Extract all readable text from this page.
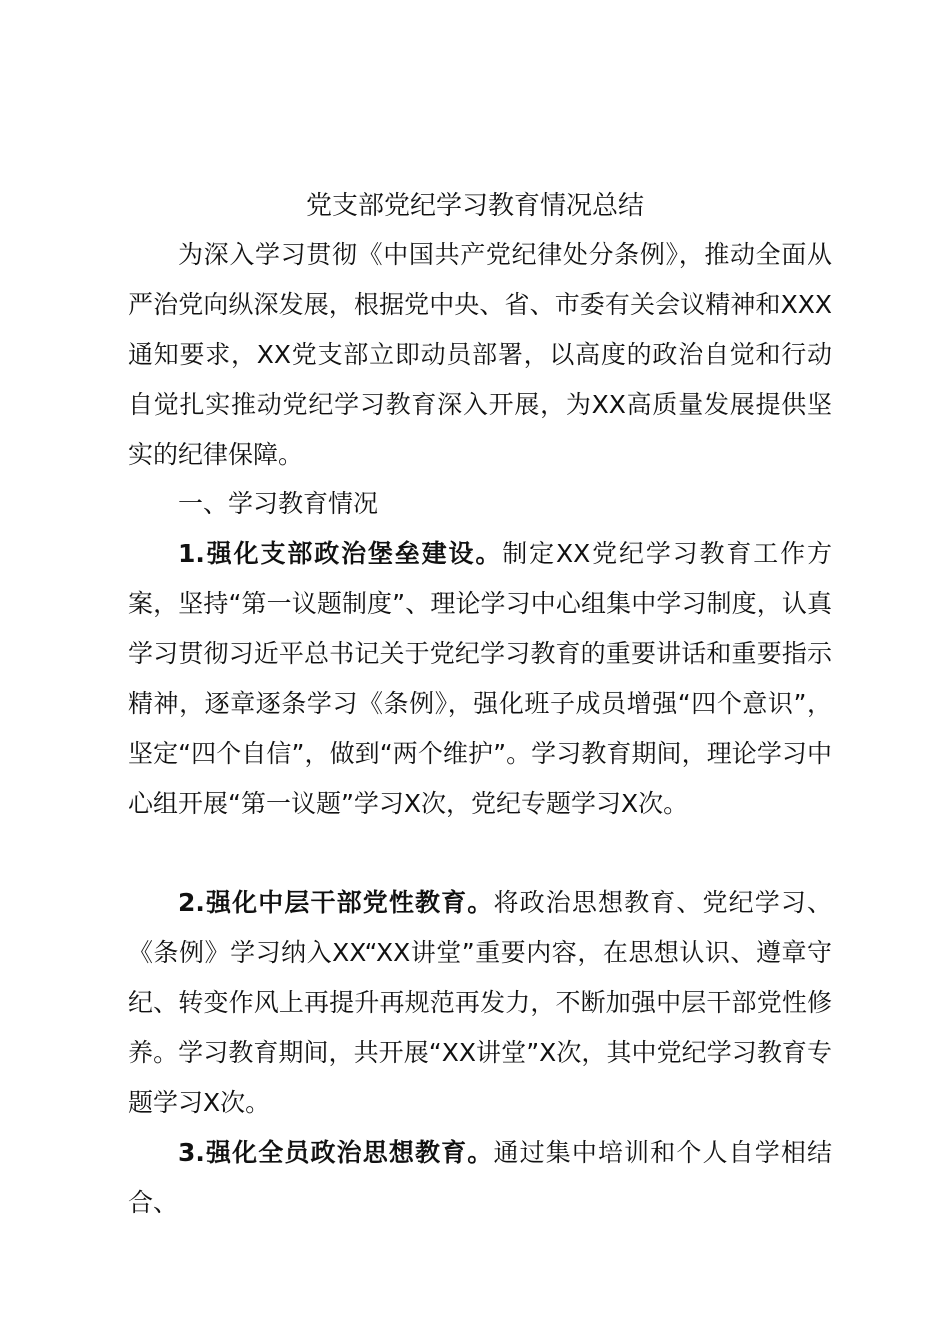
党支部党纪学习教育情况总结

为深入学习贯彻《中国共产党纪律处分条例》，推动全面从严治党向纵深发展，根据党中央、省、市委有关会议精神和XXX通知要求，XX党支部立即动员部署，以高度的政治自觉和行动自觉扎实推动党纪学习教育深入开展，为XX高质量发展提供坚实的纪律保障。

一、学习教育情况

1.强化支部政治堡垒建设。制定XX党纪学习教育工作方案，坚持“第一议题制度”、理论学习中心组集中学习制度，认真学习贯彻习近平总书记关于党纪学习教育的重要讲话和重要指示精神，逐章逐条学习《条例》，强化班子成员增强“四个意识”，坚定“四个自信”，做到“两个维护”。学习教育期间，理论学习中心组开展“第一议题”学习X次，党纪专题学习X次。

2.强化中层干部党性教育。将政治思想教育、党纪学习、《条例》学习纳入XX“XX讲堂”重要内容，在思想认识、遵章守纪、转变作风上再提升再规范再发力，不断加强中层干部党性修养。学习教育期间，共开展“XX讲堂”X次，其中党纪学习教育专题学习X次。

3.强化全员政治思想教育。通过集中培训和个人自学相结合、
